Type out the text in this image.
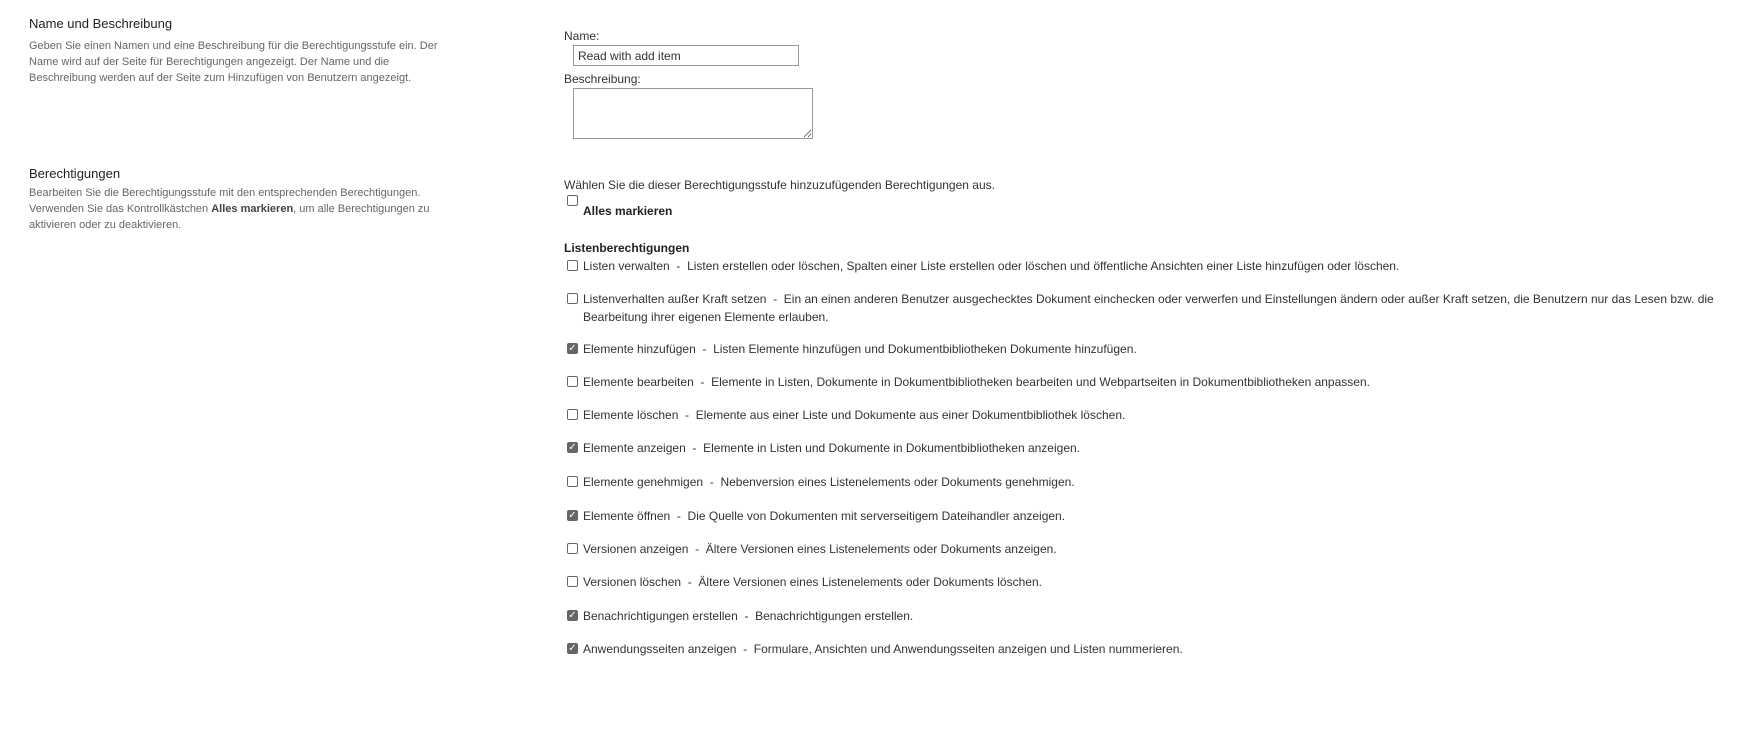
Name und Beschreibung
Geben Sie einen Namen und eine Beschreibung für die Berechtigungsstufe ein. Der Name wird auf der Seite für Berechtigungen angezeigt. Der Name und die Beschreibung werden auf der Seite zum Hinzufügen von Benutzern angezeigt.
Name:
Read with add item
Beschreibung:
Berechtigungen
Bearbeiten Sie die Berechtigungsstufe mit den entsprechenden Berechtigungen. Verwenden Sie das Kontrollkästchen Alles markieren, um alle Berechtigungen zu aktivieren oder zu deaktivieren.
Wählen Sie die dieser Berechtigungsstufe hinzuzufügenden Berechtigungen aus.
Alles markieren
Listenberechtigungen
Listen verwalten  -  Listen erstellen oder löschen, Spalten einer Liste erstellen oder löschen und öffentliche Ansichten einer Liste hinzufügen oder löschen.
Listenverhalten außer Kraft setzen  -  Ein an einen anderen Benutzer ausgechecktes Dokument einchecken oder verwerfen und Einstellungen ändern oder außer Kraft setzen, die Benutzern nur das Lesen bzw. die Bearbeitung ihrer eigenen Elemente erlauben.
✓ Elemente hinzufügen  -  Listen Elemente hinzufügen und Dokumentbibliotheken Dokumente hinzufügen.
Elemente bearbeiten  -  Elemente in Listen, Dokumente in Dokumentbibliotheken bearbeiten und Webpartseiten in Dokumentbibliotheken anpassen.
Elemente löschen  -  Elemente aus einer Liste und Dokumente aus einer Dokumentbibliothek löschen.
✓ Elemente anzeigen  -  Elemente in Listen und Dokumente in Dokumentbibliotheken anzeigen.
Elemente genehmigen  -  Nebenversion eines Listenelements oder Dokuments genehmigen.
✓ Elemente öffnen  -  Die Quelle von Dokumenten mit serverseitigem Dateihandler anzeigen.
Versionen anzeigen  -  Ältere Versionen eines Listenelements oder Dokuments anzeigen.
Versionen löschen  -  Ältere Versionen eines Listenelements oder Dokuments löschen.
✓ Benachrichtigungen erstellen  -  Benachrichtigungen erstellen.
✓ Anwendungsseiten anzeigen  -  Formulare, Ansichten und Anwendungsseiten anzeigen und Listen nummerieren.
